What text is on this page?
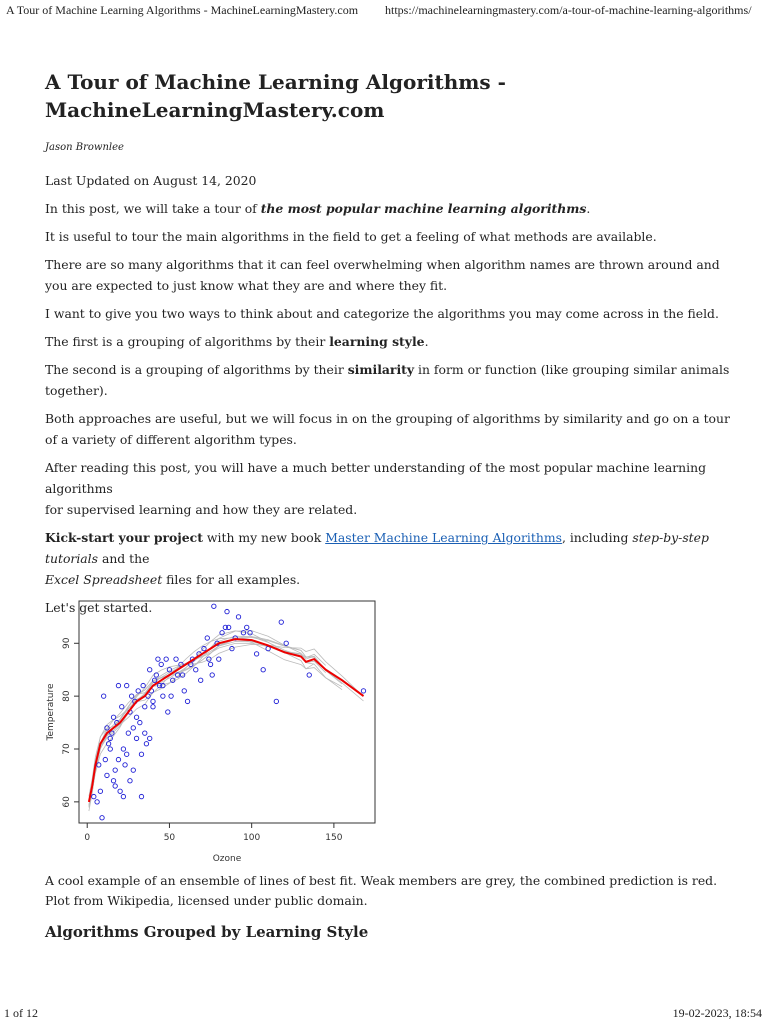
A Tour of Machine Learning Algorithms - MachineLearningMastery.com https://machinelearningmastery.com/a-tour-of-machine-learning-algorithms/
A Tour of Machine Learning Algorithms -
MachineLearningMastery.com
Jason Brownlee

Last Updated on August 14, 2020

In this post, we will take a tour of the most popular machine learning algorithms.

It is useful to tour the main algorithms in the field to get a feeling of what methods are available.

There are so many algorithms that it can feel overwhelming when algorithm names are thrown around and you are expected to just know what they are and where they fit.

I want to give you two ways to think about and categorize the algorithms you may come across in the field.

The first is a grouping of algorithms by their learning style.

The second is a grouping of algorithms by their similarity in form or function (like grouping similar animals together).

Both approaches are useful, but we will focus in on the grouping of algorithms by similarity and go on a tour of a variety of different algorithm types.

After reading this post, you will have a much better understanding of the most popular machine learning algorithms
for supervised learning and how they are related.

Kick-start your project with my new book Master Machine Learning Algorithms, including step-by-step tutorials and the
Excel Spreadsheet files for all examples.

Let's get started.

0	50	100	150
60
70
80
90
Ozone
Temperature
A cool example of an ensemble of lines of best fit. Weak members are grey, the combined prediction is red.
Plot from Wikipedia, licensed under public domain.
Algorithms Grouped by Learning Style
1 of 12	19-02-2023, 18:54
